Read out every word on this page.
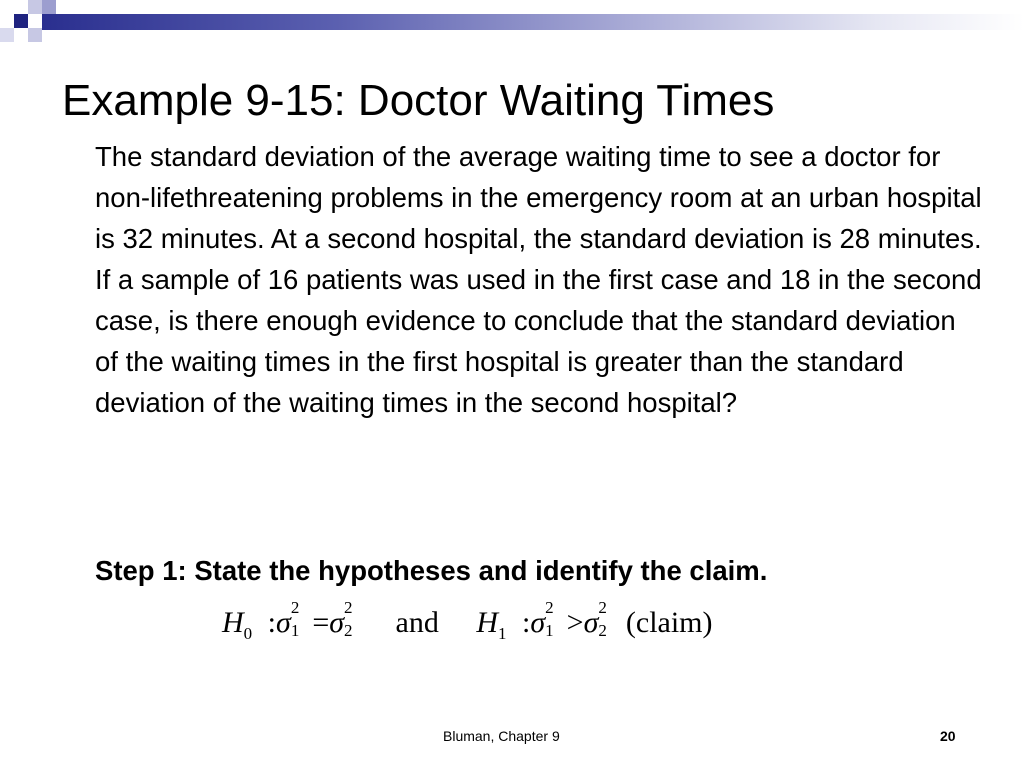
Example 9-15: Doctor Waiting Times

The standard deviation of the average waiting time to see a doctor for non-lifethreatening problems in the emergency room at an urban hospital is 32 minutes. At a second hospital, the standard deviation is 28 minutes. If a sample of 16 patients was used in the first case and 18 in the second case, is there enough evidence to conclude that the standard deviation of the waiting times in the first hospital is greater than the standard deviation of the waiting times in the second hospital?

Step 1: State the hypotheses and identify the claim.

$H_0$ :σ 2
1 =σ 2
2 and $H_1$ :σ 2
1 >σ 2
2 (claim)
Bluman, Chapter 9	20
